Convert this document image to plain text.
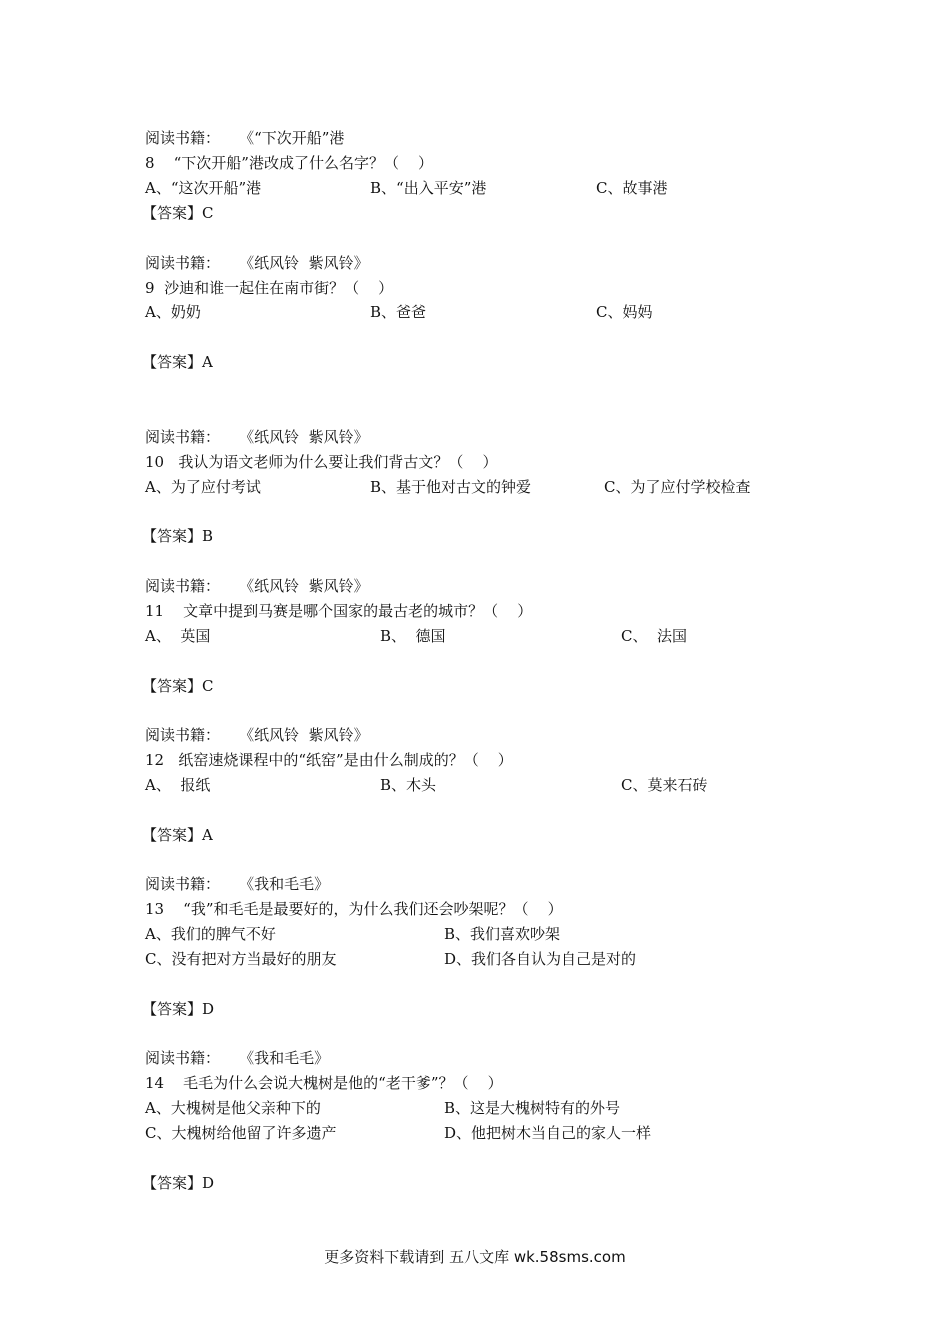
阅读书籍：    《“下次开船”港
8    “下次开船”港改成了什么名字？（    ）
A、“这次开船”港	B、“出入平安”港	C、故事港
【答案】C
阅读书籍：    《纸风铃  紫风铃》
9  沙迪和谁一起住在南市街？（    ）
A、奶奶	B、爸爸	C、妈妈
【答案】A
阅读书籍：    《纸风铃  紫风铃》
10   我认为语文老师为什么要让我们背古文？（    ）
A、为了应付考试	B、基于他对古文的钟爱	C、为了应付学校检查
【答案】B
阅读书籍：    《纸风铃  紫风铃》
11    文章中提到马赛是哪个国家的最古老的城市？（    ）
A、  英国	B、  德国	C、  法国
【答案】C
阅读书籍：    《纸风铃  紫风铃》
12   纸窑速烧课程中的“纸窑”是由什么制成的？（    ）
A、  报纸	B、木头	C、莫来石砖
【答案】A
阅读书籍：    《我和毛毛》
13    “我”和毛毛是最要好的，为什么我们还会吵架呢？（    ）
A、我们的脾气不好	B、我们喜欢吵架
C、没有把对方当最好的朋友	D、我们各自认为自己是对的
【答案】D
阅读书籍：    《我和毛毛》
14    毛毛为什么会说大槐树是他的“老干爹”？（    ）
A、大槐树是他父亲种下的	B、这是大槐树特有的外号
C、大槐树给他留了许多遗产	D、他把树木当自己的家人一样
【答案】D
更多资料下载请到 五八文库 wk.58sms.com
